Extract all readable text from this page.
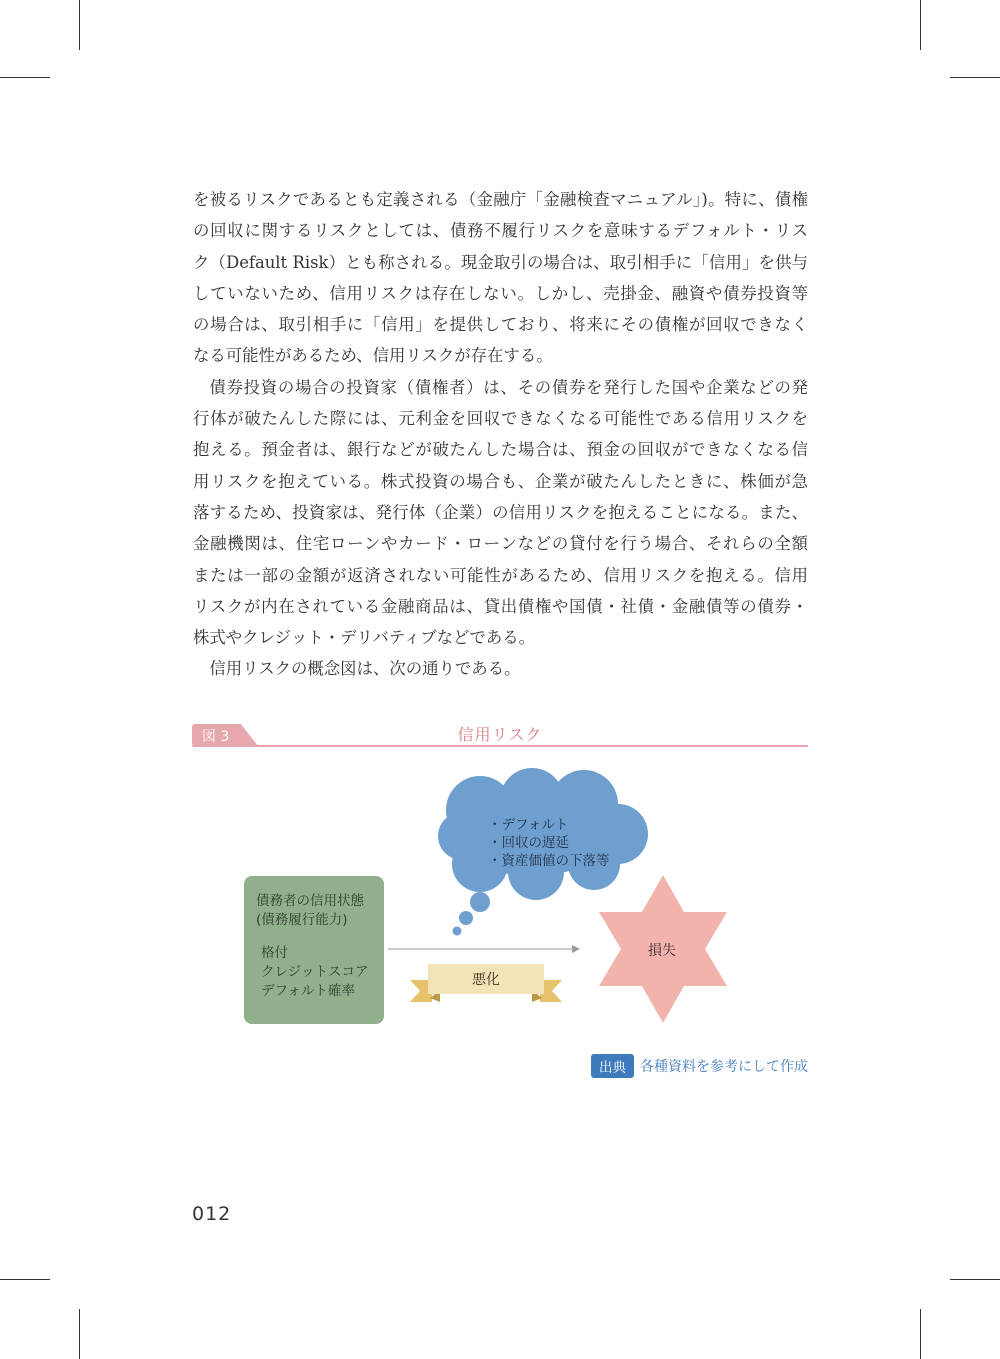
を被るリスクであるとも定義される（金融庁「金融検査マニュアル」)。特に、債権

の回収に関するリスクとしては、債務不履行リスクを意味するデフォルト・リス

ク（Default Risk）とも称される。現金取引の場合は、取引相手に「信用」を供与

していないため、信用リスクは存在しない。しかし、売掛金、融資や債券投資等

の場合は、取引相手に「信用」を提供しており、将来にその債権が回収できなく

なる可能性があるため、信用リスクが存在する。

債券投資の場合の投資家（債権者）は、その債券を発行した国や企業などの発

行体が破たんした際には、元利金を回収できなくなる可能性である信用リスクを

抱える。預金者は、銀行などが破たんした場合は、預金の回収ができなくなる信

用リスクを抱えている。株式投資の場合も、企業が破たんしたときに、株価が急

落するため、投資家は、発行体（企業）の信用リスクを抱えることになる。また、

金融機関は、住宅ローンやカード・ローンなどの貸付を行う場合、それらの全額

または一部の金額が返済されない可能性があるため、信用リスクを抱える。信用

リスクが内在されている金融商品は、貸出債権や国債・社債・金融債等の債券・

株式やクレジット・デリバティブなどである。

信用リスクの概念図は、次の通りである。

図 3	信用リスク
債務者の信用状態
(債務履行能力)
格付
クレジットスコア
デフォルト確率
・デフォルト
・回収の遅延
・資産価値の下落等
損失
悪化
出典	各種資料を参考にして作成
012
